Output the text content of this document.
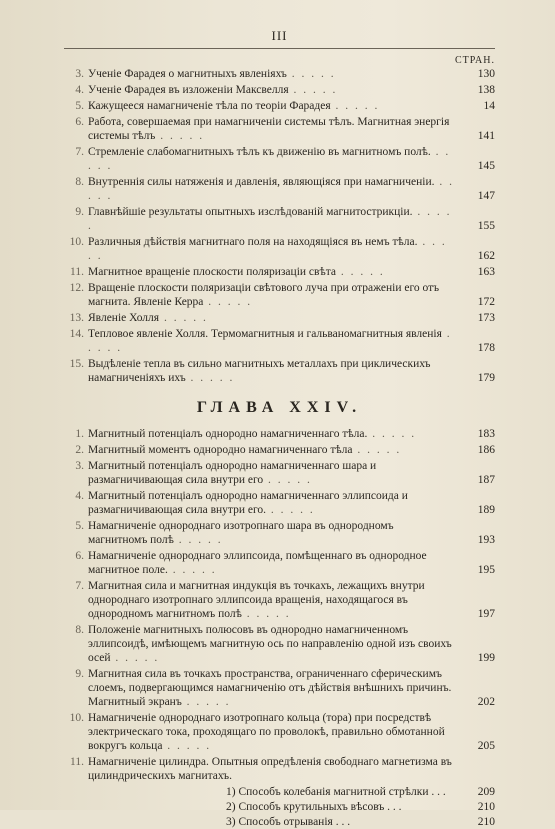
III
СТРАН.
3. Ученіе Фарадея о магнитныхъ явленіяхъ . . . . .	130
4. Ученіе Фарадея въ изложеніи Максвелля . . . . .	138
5. Кажущееся намагниченіе тѣла по теоріи Фарадея . . . . .	14
6. Работа, совершаемая при намагниченіи системы тѣлъ. Магнитная энергія системы тѣлъ . . . . .	141
7. Стремленіе слабомагнитныхъ тѣлъ къ движенію въ магнитномъ полѣ. . . . . .	145
8. Внутреннія силы натяженія и давленія, являющіяся при намагниченіи. . . . . .	147
9. Главнѣйшіе результаты опытныхъ изслѣдованій магнитострикціи. . . . . .	155
10. Различныя дѣйствія магнитнаго поля на находящіяся въ немъ тѣла. . . . . .	162
11. Магнитное вращеніе плоскости поляризаціи свѣта . . . . .	163
12. Вращеніе плоскости поляризаціи свѣтового луча при отраженіи его отъ магнита. Явленіе Керра . . . . .	172
13. Явленіе Холля . . . . .	173
14. Тепловое явленіе Холля. Термомагнитныя и гальваномагнитныя явленія . . . . .	178
15. Выдѣленіе тепла въ сильно магнитныхъ металлахъ при циклическихъ намагниченіяхъ ихъ . . . . .	179
ГЛАВА XXIV.
1. Магнитный потенціалъ однородно намагниченнаго тѣла. . . . . .	183
2. Магнитный моментъ однородно намагниченнаго тѣла . . . . .	186
3. Магнитный потенціалъ однородно намагниченнаго шара и размагничивающая сила внутри его . . . . .	187
4. Магнитный потенціалъ однородно намагниченнаго эллипсоида и размагничивающая сила внутри его. . . . . .	189
5. Намагниченіе однороднаго изотропнаго шара въ однородномъ магнитномъ полѣ . . . . .	193
6. Намагниченіе однороднаго эллипсоида, помѣщеннаго въ однородное магнитное поле. . . . . .	195
7. Магнитная сила и магнитная индукція въ точкахъ, лежащихъ внутри однороднаго изотропнаго эллипсоида вращенія, находящагося въ однородномъ магнитномъ полѣ . . . . .	197
8. Положеніе магнитныхъ полюсовъ въ однородно намагниченномъ эллипсоидѣ, имѣющемъ магнитную ось по направленію одной изъ своихъ осей . . . . .	199
9. Магнитная сила въ точкахъ пространства, ограниченнаго сферическимъ слоемъ, подвергающимся намагниченію отъ дѣйствія внѣшнихъ причинъ. Магнитный экранъ . . . . .	202
10. Намагниченіе однороднаго изотропнаго кольца (тора) при посредствѣ электрическаго тока, проходящаго по проволокѣ, правильно обмотанной вокругъ кольца . . . . .	205
11. Намагниченіе цилиндра. Опытныя опредѣленія свободнаго магнетизма въ цилиндрическихъ магнитахъ.
1) Способъ колебанія магнитной стрѣлки . . .	209
2) Способъ крутильныхъ вѣсовъ . . .	210
3) Способъ отрыванія . . .	210
